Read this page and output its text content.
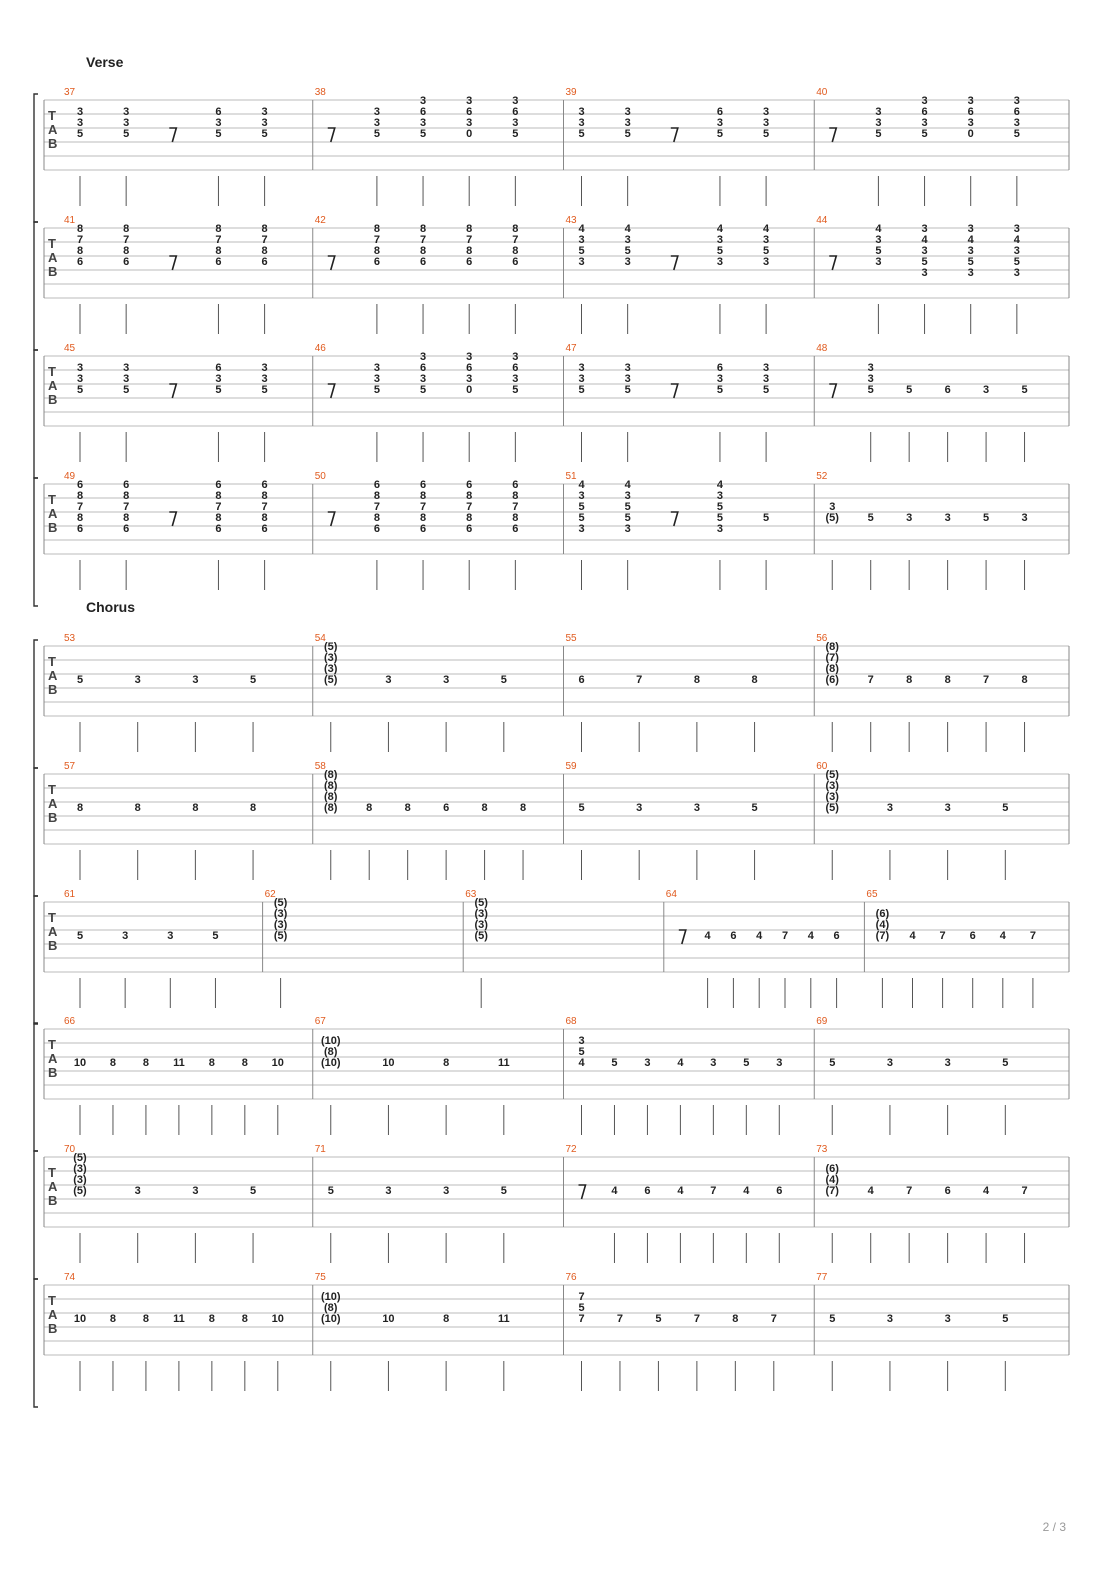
Verse
Chorus
T
A
B
37
3
3
5
3
3
5
6
3
5
3
3
5
38
3
3
5
3
6
3
5
3
6
3
0
3
6
3
5
39
3
3
5
3
3
5
6
3
5
3
3
5
40
3
3
5
3
6
3
5
3
6
3
0
3
6
3
5
T
A
B
41
8
7
8
6
8
7
8
6
8
7
8
6
8
7
8
6
42
8
7
8
6
8
7
8
6
8
7
8
6
8
7
8
6
43
4
3
5
3
4
3
5
3
4
3
5
3
4
3
5
3
44
4
3
5
3
3
4
3
5
3
3
4
3
5
3
3
4
3
5
3
T
A
B
45
3
3
5
3
3
5
6
3
5
3
3
5
46
3
3
5
3
6
3
5
3
6
3
0
3
6
3
5
47
3
3
5
3
3
5
6
3
5
3
3
5
48
3
3
5	5	6	3	5
T
A
B
49
6
8
7
8
6
6
8
7
8
6
6
8
7
8
6
6
8
7
8
6
50
6
8
7
8
6
6
8
7
8
6
6
8
7
8
6
6
8
7
8
6
51
4
3
5
5
3
4
3
5
5
3
4
3
5
5
3
5
52
3
(5)	5	3	3	5	3
T
A
B
53
5	3	3	5
54
(5)
(3)
(3)
(5)	3	3	5
55
6	7	8	8
56
(8)
(7)
(8)
(6)	7	8	8	7	8
T
A
B
57
8	8	8	8
58
(8)
(8)
(8)
(8)	8	8	6	8	8
59
5	3	3	5
60
(5)
(3)
(3)
(5)	3	3	5
T
A
B
61
5	3	3	5
62
(5)
(3)
(3)
(5)
63
(5)
(3)
(3)
(5)
64
4 6 4 7 4 6
65
(6)
(4)
(7) 4 7 6 4 7
T
A
B
66
10 8 8 11 8 8 10
67
(10)
(8)
(10)	10	8	11
68
3
5
4 5 3 4 3 5 3
69
5	3	3	5
T
A
B
70
(5)
(3)
(3)
(5)	3	3	5
71
5	3	3	5
72
4 6 4 7 4 6
73
(6)
(4)
(7)	4	7	6	4	7
T
A
B
74
10 8 8 11 8 8 10
75
(10)
(8)
(10)	10	8	11
76
7
5
7	7	5	7	8	7
77
5	3	3	5
2 / 3
